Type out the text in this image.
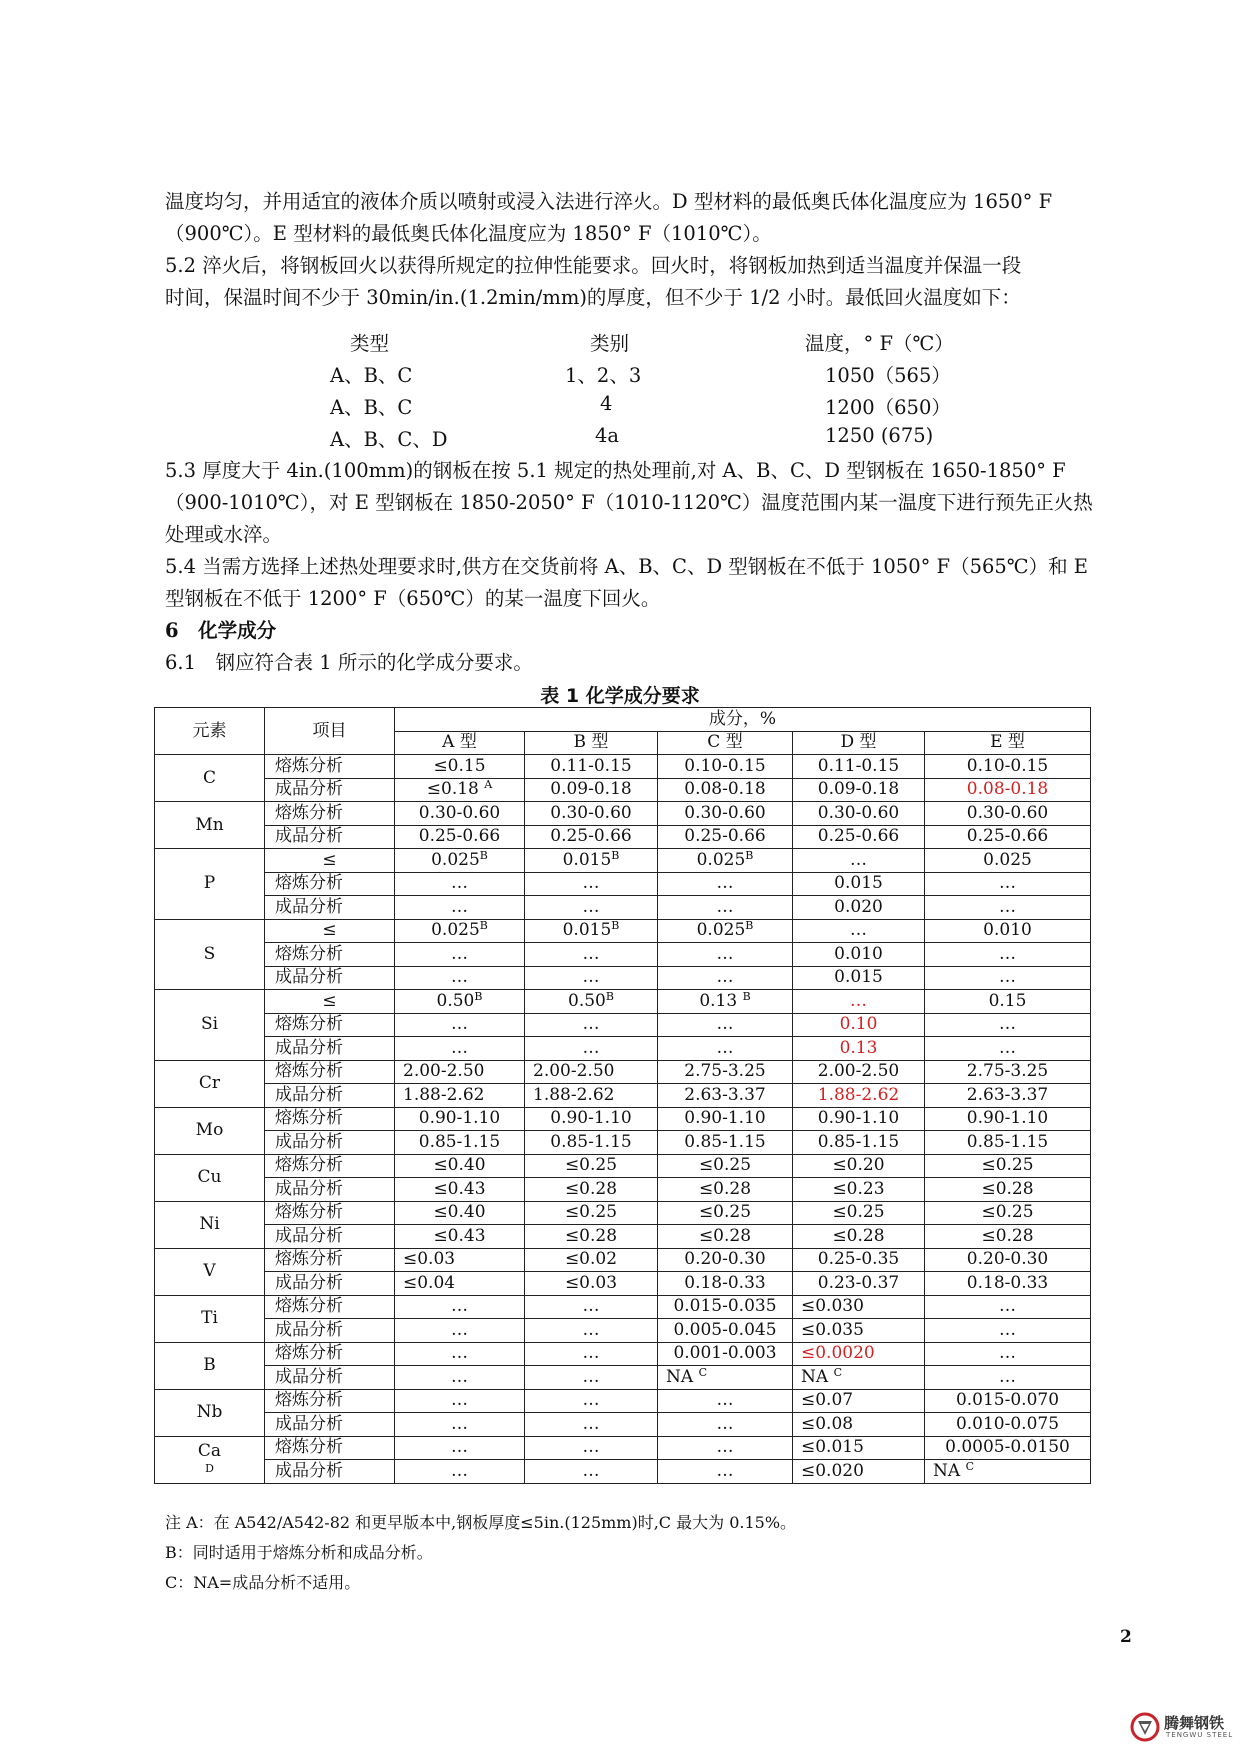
温度均匀，并用适宜的液体介质以喷射或浸入法进行淬火。D 型材料的最低奥氏体化温度应为 1650° F

（900℃）。E 型材料的最低奥氏体化温度应为 1850° F（1010℃）。

5.2 淬火后，将钢板回火以获得所规定的拉伸性能要求。回火时，将钢板加热到适当温度并保温一段

时间，保温时间不少于 30min/in.(1.2min/mm)的厚度，但不少于 1/2 小时。最低回火温度如下：

类型	类别	温度，° F（℃）
A、B、C	1、2、3	1050（565）
A、B、C	4	1200（650）
A、B、C、D	4a	1250 (675)

5.3 厚度大于 4in.(100mm)的钢板在按 5.1 规定的热处理前,对 A、B、C、D 型钢板在 1650-1850° F

（900-1010℃），对 E 型钢板在 1850-2050° F（1010-1120℃）温度范围内某一温度下进行预先正火热

处理或水淬。

5.4 当需方选择上述热处理要求时,供方在交货前将 A、B、C、D 型钢板在不低于 1050° F（565℃）和 E

型钢板在不低于 1200° F（650℃）的某一温度下回火。

6　化学成分

6.1　钢应符合表 1 所示的化学成分要求。

表 1 化学成分要求
元素	项目	成分，%				
		A 型	B 型	C 型	D 型	E 型
C	熔炼分析	≤0.15	0.11-0.15	0.10-0.15	0.11-0.15	0.10-0.15
	成品分析	≤0.18 $^A$	0.09-0.18	0.08-0.18	0.09-0.18	0.08-0.18
Mn	熔炼分析	0.30-0.60	0.30-0.60	0.30-0.60	0.30-0.60	0.30-0.60
	成品分析	0.25-0.66	0.25-0.66	0.25-0.66	0.25-0.66	0.25-0.66
P	≤	$0.025^B$	$0.015^B$	$0.025^B$	…	0.025
	熔炼分析	…	…	…	0.015	…
	成品分析	…	…	…	0.020	…
S	≤	$0.025^B$	$0.015^B$	$0.025^B$	…	0.010
	熔炼分析	…	…	…	0.010	…
	成品分析	…	…	…	0.015	…
Si	≤	$0.50^B$	$0.50^B$	0.13 $^B$	…	0.15
	熔炼分析	…	…	…	0.10	…
	成品分析	…	…	…	0.13	…
Cr	熔炼分析	2.00-2.50	2.00-2.50	2.75-3.25	2.00-2.50	2.75-3.25
	成品分析	1.88-2.62	1.88-2.62	2.63-3.37	1.88-2.62	2.63-3.37
Mo	熔炼分析	0.90-1.10	0.90-1.10	0.90-1.10	0.90-1.10	0.90-1.10
	成品分析	0.85-1.15	0.85-1.15	0.85-1.15	0.85-1.15	0.85-1.15
Cu	熔炼分析	≤0.40	≤0.25	≤0.25	≤0.20	≤0.25
	成品分析	≤0.43	≤0.28	≤0.28	≤0.23	≤0.28
Ni	熔炼分析	≤0.40	≤0.25	≤0.25	≤0.25	≤0.25
	成品分析	≤0.43	≤0.28	≤0.28	≤0.28	≤0.28
V	熔炼分析	≤0.03	≤0.02	0.20-0.30	0.25-0.35	0.20-0.30
	成品分析	≤0.04	≤0.03	0.18-0.33	0.23-0.37	0.18-0.33
Ti	熔炼分析	…	…	0.015-0.035	≤0.030	…
	成品分析	…	…	0.005-0.045	≤0.035	…
B	熔炼分析	…	…	0.001-0.003	≤0.0020	…
	成品分析	…	…	NA $^C$	NA $^C$	…
Nb	熔炼分析	…	…	…	≤0.07	0.015-0.070
	成品分析	…	…	…	≤0.08	0.010-0.075
Ca
D	熔炼分析	…	…	…	≤0.015	0.0005-0.0150
	成品分析	…	…	…	≤0.020	NA $^C$
注 A：在 A542/A542-82 和更早版本中,钢板厚度≤5in.(125mm)时,C 最大为 0.15%。
B：同时适用于熔炼分析和成品分析。
C：NA=成品分析不适用。
2
腾舞钢铁
TENGWU STEEL
